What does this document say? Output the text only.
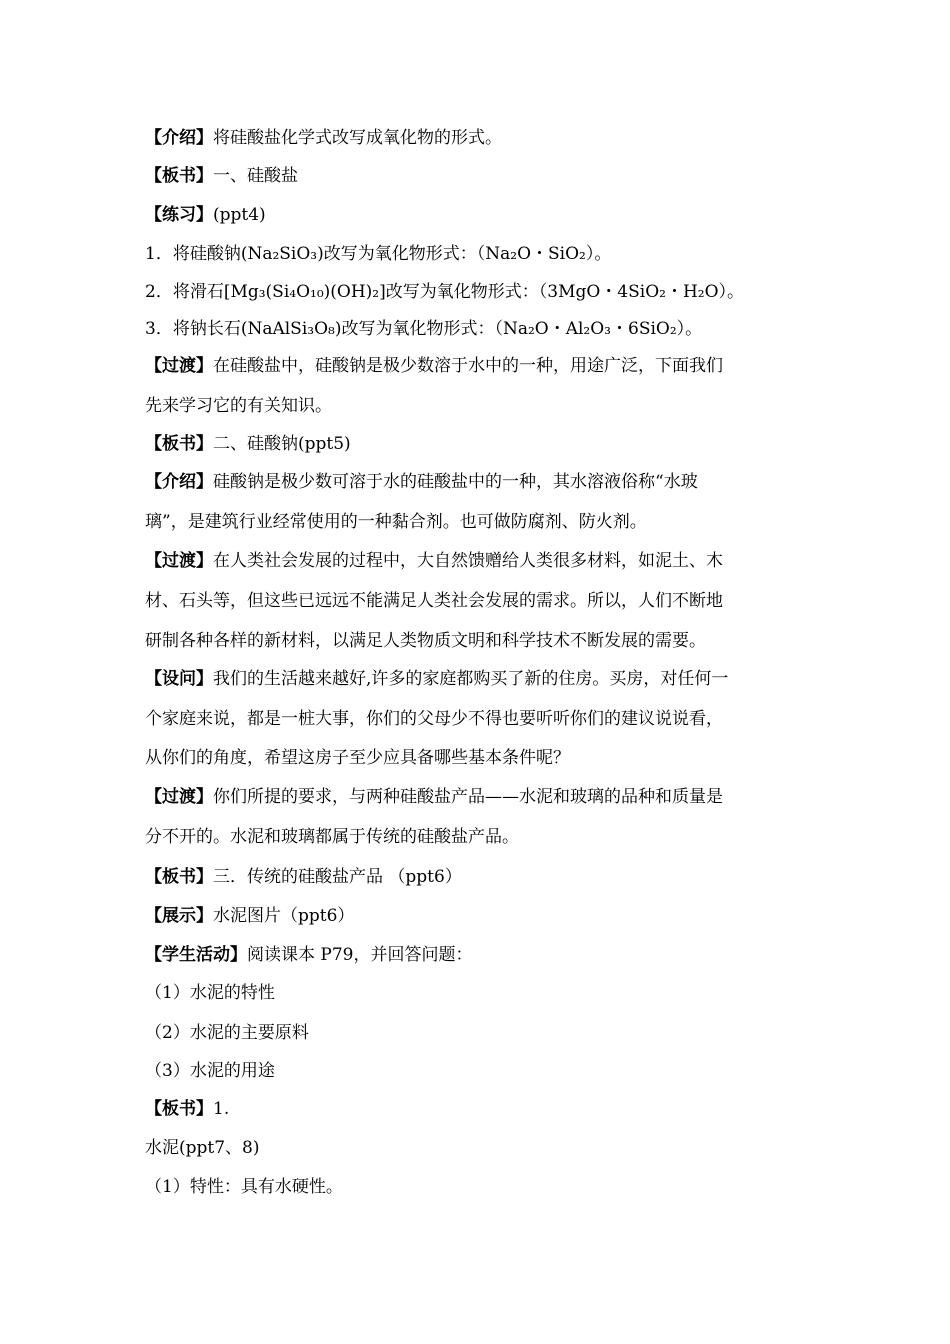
【介绍】将硅酸盐化学式改写成氧化物的形式。
【板书】一、硅酸盐
【练习】(ppt4)
1．将硅酸钠(Na₂SiO₃)改写为氧化物形式：（Na₂O・SiO₂）。
2．将滑石[Mg₃(Si₄O₁₀)(OH)₂]改写为氧化物形式：（3MgO・4SiO₂・H₂O）。
3．将钠长石(NaAlSi₃O₈)改写为氧化物形式：（Na₂O・Al₂O₃・6SiO₂）。
【过渡】在硅酸盐中，硅酸钠是极少数溶于水中的一种，用途广泛，下面我们
先来学习它的有关知识。
【板书】二、硅酸钠(ppt5)
【介绍】硅酸钠是极少数可溶于水的硅酸盐中的一种，其水溶液俗称“水玻
璃”，是建筑行业经常使用的一种黏合剂。也可做防腐剂、防火剂。
【过渡】在人类社会发展的过程中，大自然馈赠给人类很多材料，如泥土、木
材、石头等，但这些已远远不能满足人类社会发展的需求。所以，人们不断地
研制各种各样的新材料，以满足人类物质文明和科学技术不断发展的需要。
【设问】我们的生活越来越好,许多的家庭都购买了新的住房。买房，对任何一
个家庭来说，都是一桩大事，你们的父母少不得也要听听你们的建议说说看，
从你们的角度，希望这房子至少应具备哪些基本条件呢？
【过渡】你们所提的要求，与两种硅酸盐产品——水泥和玻璃的品种和质量是
分不开的。水泥和玻璃都属于传统的硅酸盐产品。
【板书】三．传统的硅酸盐产品 （ppt6）
【展示】水泥图片（ppt6）
【学生活动】阅读课本 P79，并回答问题：
（1）水泥的特性
（2）水泥的主要原料
（3）水泥的用途
【板书】1.
水泥(ppt7、8)
（1）特性：具有水硬性。
